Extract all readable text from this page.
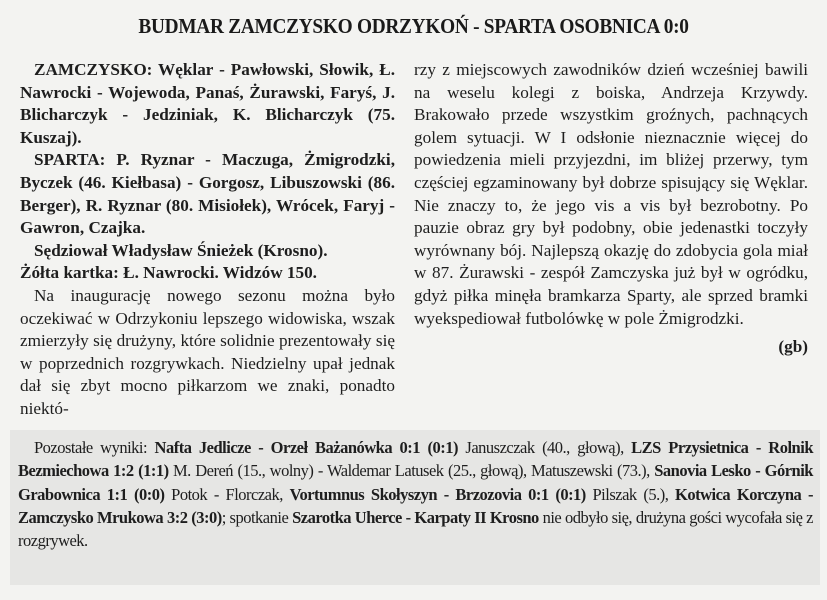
BUDMAR ZAMCZYSKO ODRZYKOŃ - SPARTA OSOBNICA 0:0

ZAMCZYSKO: Węklar - Pawłowski, Słowik, Ł. Nawrocki - Wojewoda, Panaś, Żurawski, Faryś, J. Blicharczyk - Jedziniak, K. Blicharczyk (75. Kuszaj).

SPARTA: P. Ryznar - Maczuga, Żmigrodzki, Byczek (46. Kiełbasa) - Gorgosz, Libuszowski (86. Berger), R. Ryznar (80. Misiołek), Wrócek, Faryj - Gawron, Czajka.

Sędziował Władysław Śnieżek (Krosno).

Żółta kartka: Ł. Nawrocki. Widzów 150.

Na inaugurację nowego sezonu można było oczekiwać w Odrzykoniu lepszego widowiska, wszak zmierzyły się drużyny, które solidnie prezentowały się w poprzednich rozgrywkach. Niedzielny upał jednak dał się zbyt mocno piłkarzom we znaki, ponadto niektó-

rzy z miejscowych zawodników dzień wcześniej bawili na weselu kolegi z boiska, Andrzeja Krzywdy. Brakowało przede wszystkim groźnych, pachnących golem sytuacji. W I odsłonie nieznacznie więcej do powiedzenia mieli przyjezdni, im bliżej przerwy, tym częściej egzaminowany był dobrze spisujący się Węklar. Nie znaczy to, że jego vis a vis był bezrobotny. Po pauzie obraz gry był podobny, obie jedenastki toczyły wyrównany bój. Najlepszą okazję do zdobycia gola miał w 87. Żurawski - zespół Zamczyska już był w ogródku, gdyż piłka minęła bramkarza Sparty, ale sprzed bramki wyekspediował futbolówkę w pole Żmigrodzki.

(gb)

Pozostałe wyniki: Nafta Jedlicze - Orzeł Bażanówka 0:1 (0:1) Januszczak (40., głową), LZS Przysietnica - Rolnik Bezmiechowa 1:2 (1:1) M. Dereń (15., wolny) - Waldemar Latusek (25., głową), Matuszewski (73.), Sanovia Lesko - Górnik Grabownica 1:1 (0:0) Potok - Florczak, Vortumnus Skołyszyn - Brzozovia 0:1 (0:1) Pilszak (5.), Kotwica Korczyna - Zamczysko Mrukowa 3:2 (3:0); spotkanie Szarotka Uherce - Karpaty II Krosno nie odbyło się, drużyna gości wycofała się z rozgrywek.
